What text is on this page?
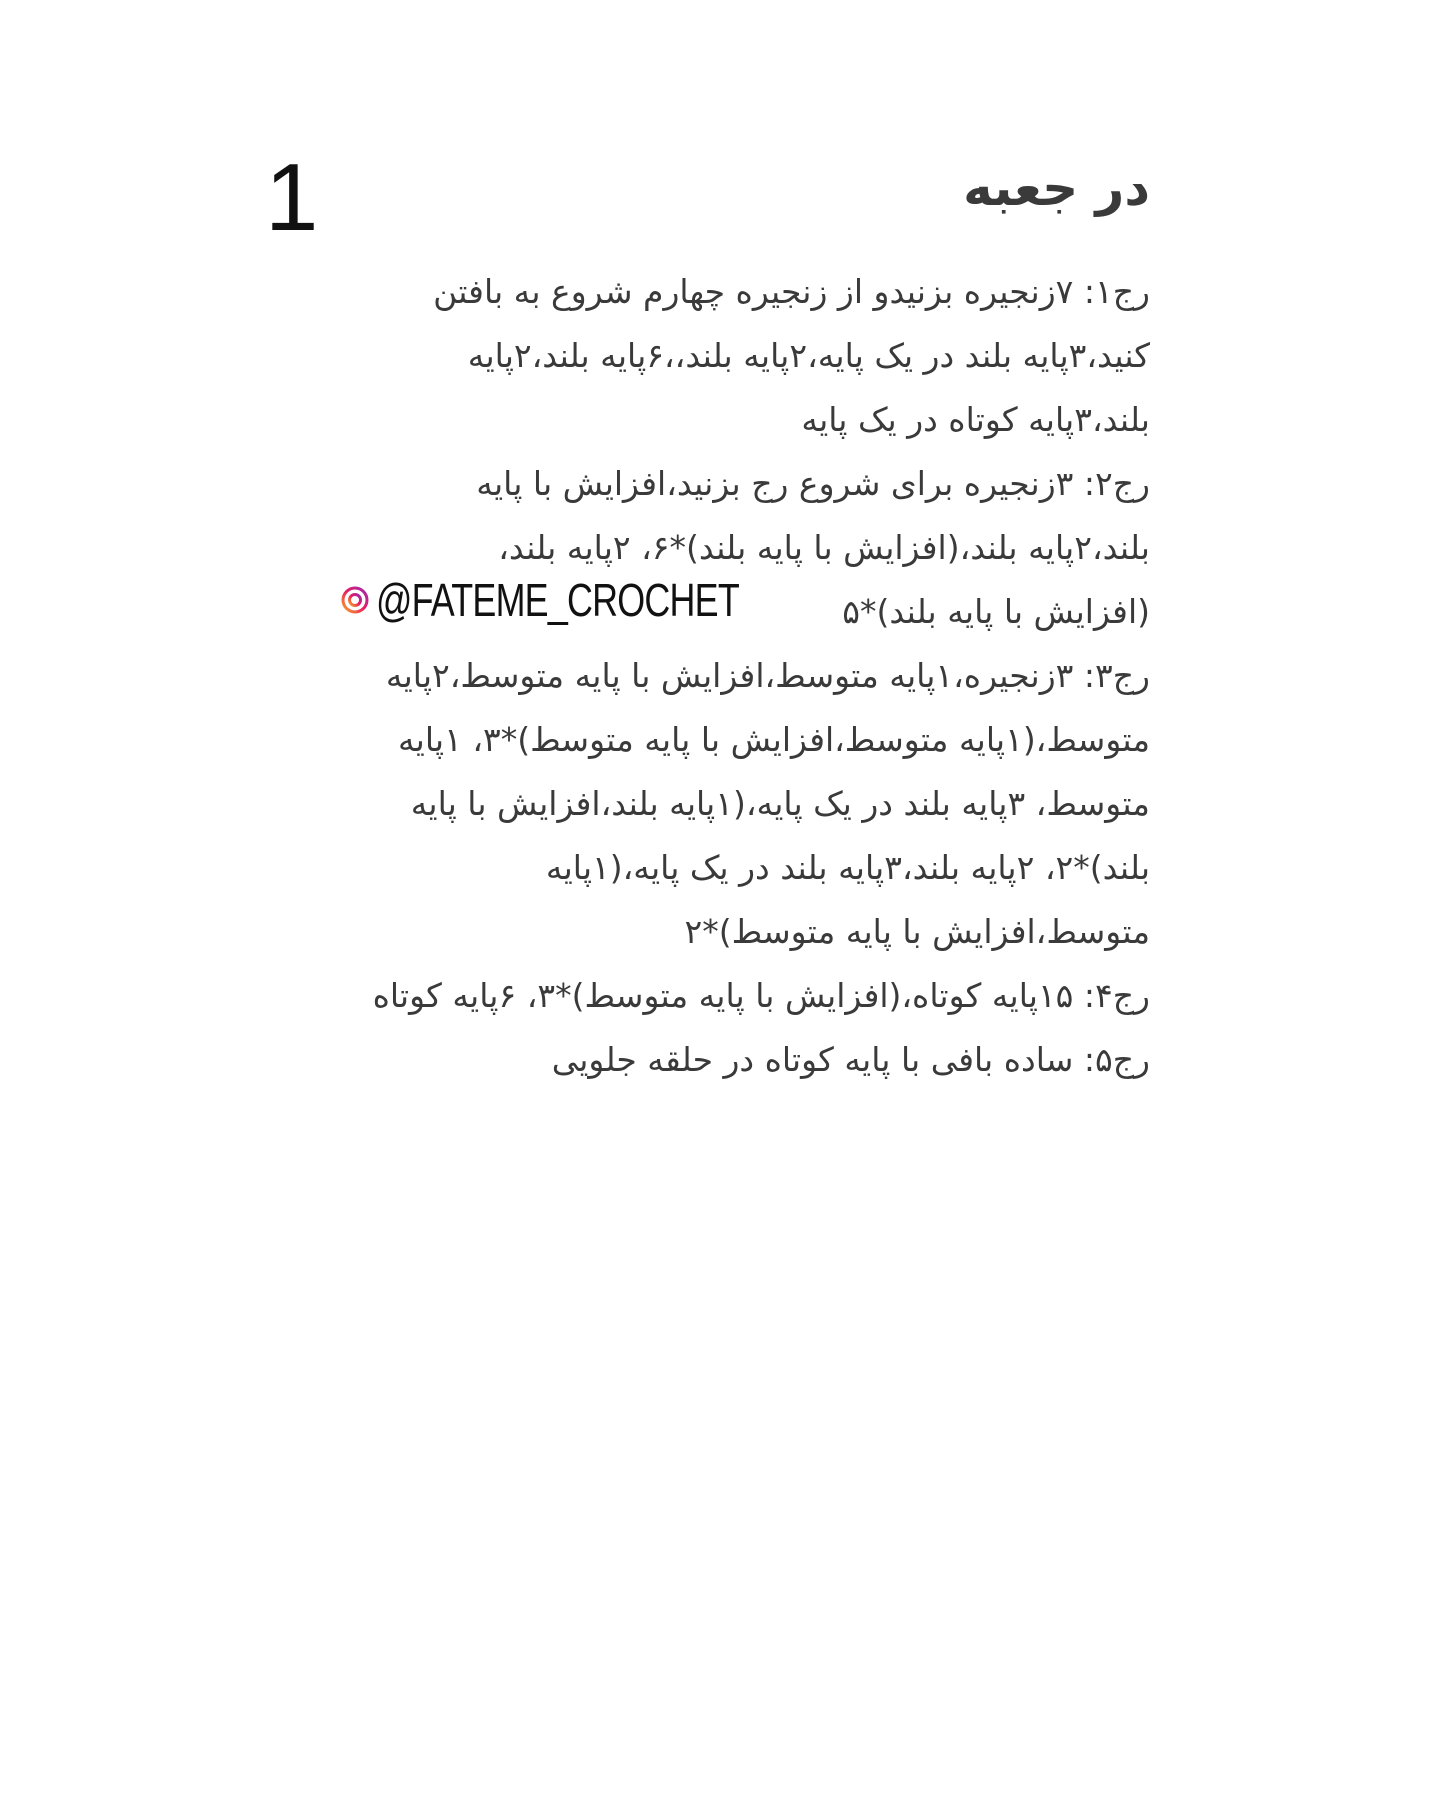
1	در جعبه
رج۱: ۷زنجیره بزنیدو از زنجیره چهارم شروع به بافتن
کنید،۳پایه بلند در یک پایه،۲پایه بلند،،۶پایه بلند،۲پایه
بلند،۳پایه کوتاه در یک پایه
رج۲: ۳زنجیره برای شروع رج بزنید،افزایش با پایه
بلند،۲پایه بلند،(افزایش با پایه بلند)*۶، ۲پایه بلند،
(افزایش با پایه بلند)*۵
رج۳: ۳زنجیره،۱پایه متوسط،افزایش با پایه متوسط،۲پایه
متوسط،(۱پایه متوسط،افزایش با پایه متوسط)*۳، ۱پایه
متوسط، ۳پایه بلند در یک پایه،(۱پایه بلند،افزایش با پایه
بلند)*۲، ۲پایه بلند،۳پایه بلند در یک پایه،(۱پایه
متوسط،افزایش با پایه متوسط)*۲
رج۴: ۱۵پایه کوتاه،(افزایش با پایه متوسط)*۳، ۶پایه کوتاه
رج۵: ساده بافی با پایه کوتاه در حلقه جلویی
@FATEME_CROCHET
